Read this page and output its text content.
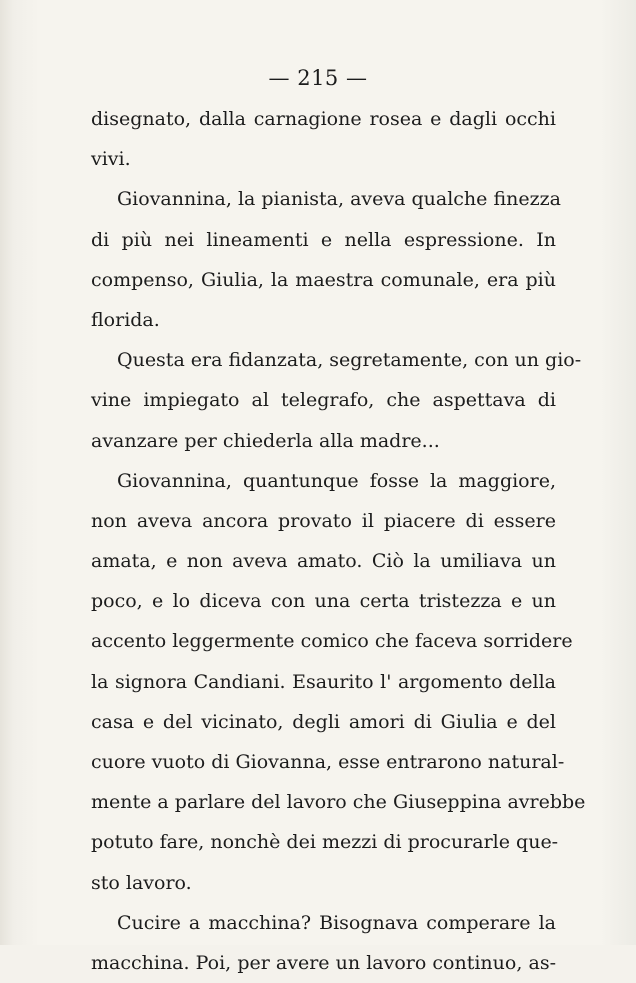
— 215 —
disegnato, dalla carnagione rosea e dagli occhi
vivi.
Giovannina, la pianista, aveva qualche finezza
di più nei lineamenti e nella espressione. In
compenso, Giulia, la maestra comunale, era più
florida.
Questa era fidanzata, segretamente, con un gio-
vine impiegato al telegrafo, che aspettava di
avanzare per chiederla alla madre...
Giovannina, quantunque fosse la maggiore,
non aveva ancora provato il piacere di essere
amata, e non aveva amato. Ciò la umiliava un
poco, e lo diceva con una certa tristezza e un
accento leggermente comico che faceva sorridere
la signora Candiani. Esaurito l' argomento della
casa e del vicinato, degli amori di Giulia e del
cuore vuoto di Giovanna, esse entrarono natural-
mente a parlare del lavoro che Giuseppina avrebbe
potuto fare, nonchè dei mezzi di procurarle que-
sto lavoro.
Cucire a macchina? Bisognava comperare la
macchina. Poi, per avere un lavoro continuo, as-
